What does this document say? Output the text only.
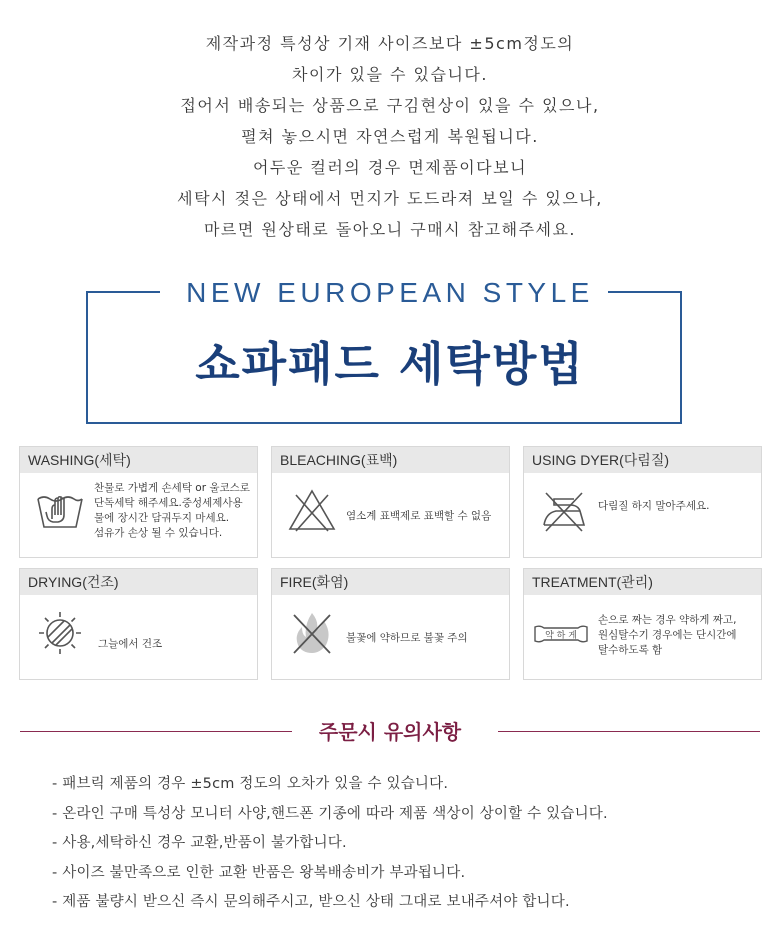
제작과정 특성상 기재 사이즈보다 ±5cm정도의
차이가 있을 수 있습니다.
접어서 배송되는 상품으로 구김현상이 있을 수 있으나,
펼쳐 놓으시면 자연스럽게 복원됩니다.
어두운 컬러의 경우 면제품이다보니
세탁시 젖은 상태에서 먼지가 도드라져 보일 수 있으나,
마르면 원상태로 돌아오니 구매시 참고해주세요.
NEW EUROPEAN STYLE
쇼파패드 세탁방법
WASHING(세탁)
찬물로 가볍게 손세탁 or 울코스로
단독세탁 해주세요.중성세제사용
물에 장시간 담궈두지 마세요.
섬유가 손상 될 수 있습니다.
BLEACHING(표백)
염소계 표백제로 표백할 수 없음
USING DYER(다림질)
다림질 하지 말아주세요.
DRYING(건조)
그늘에서 건조
FIRE(화염)
불꽃에 약하므로 불꽃 주의
TREATMENT(관리)
약 하 게
손으로 짜는 경우 약하게 짜고,
원심탈수기 경우에는 단시간에
탈수하도록 함
주문시 유의사항
- 패브릭 제품의 경우 ±5cm 정도의 오차가 있을 수 있습니다.
- 온라인 구매 특성상 모니터 사양,핸드폰 기종에 따라 제품 색상이 상이할 수 있습니다.
- 사용,세탁하신 경우 교환,반품이 불가합니다.
- 사이즈 불만족으로 인한 교환 반품은 왕복배송비가 부과됩니다.
- 제품 불량시 받으신 즉시 문의해주시고, 받으신 상태 그대로 보내주셔야 합니다.
